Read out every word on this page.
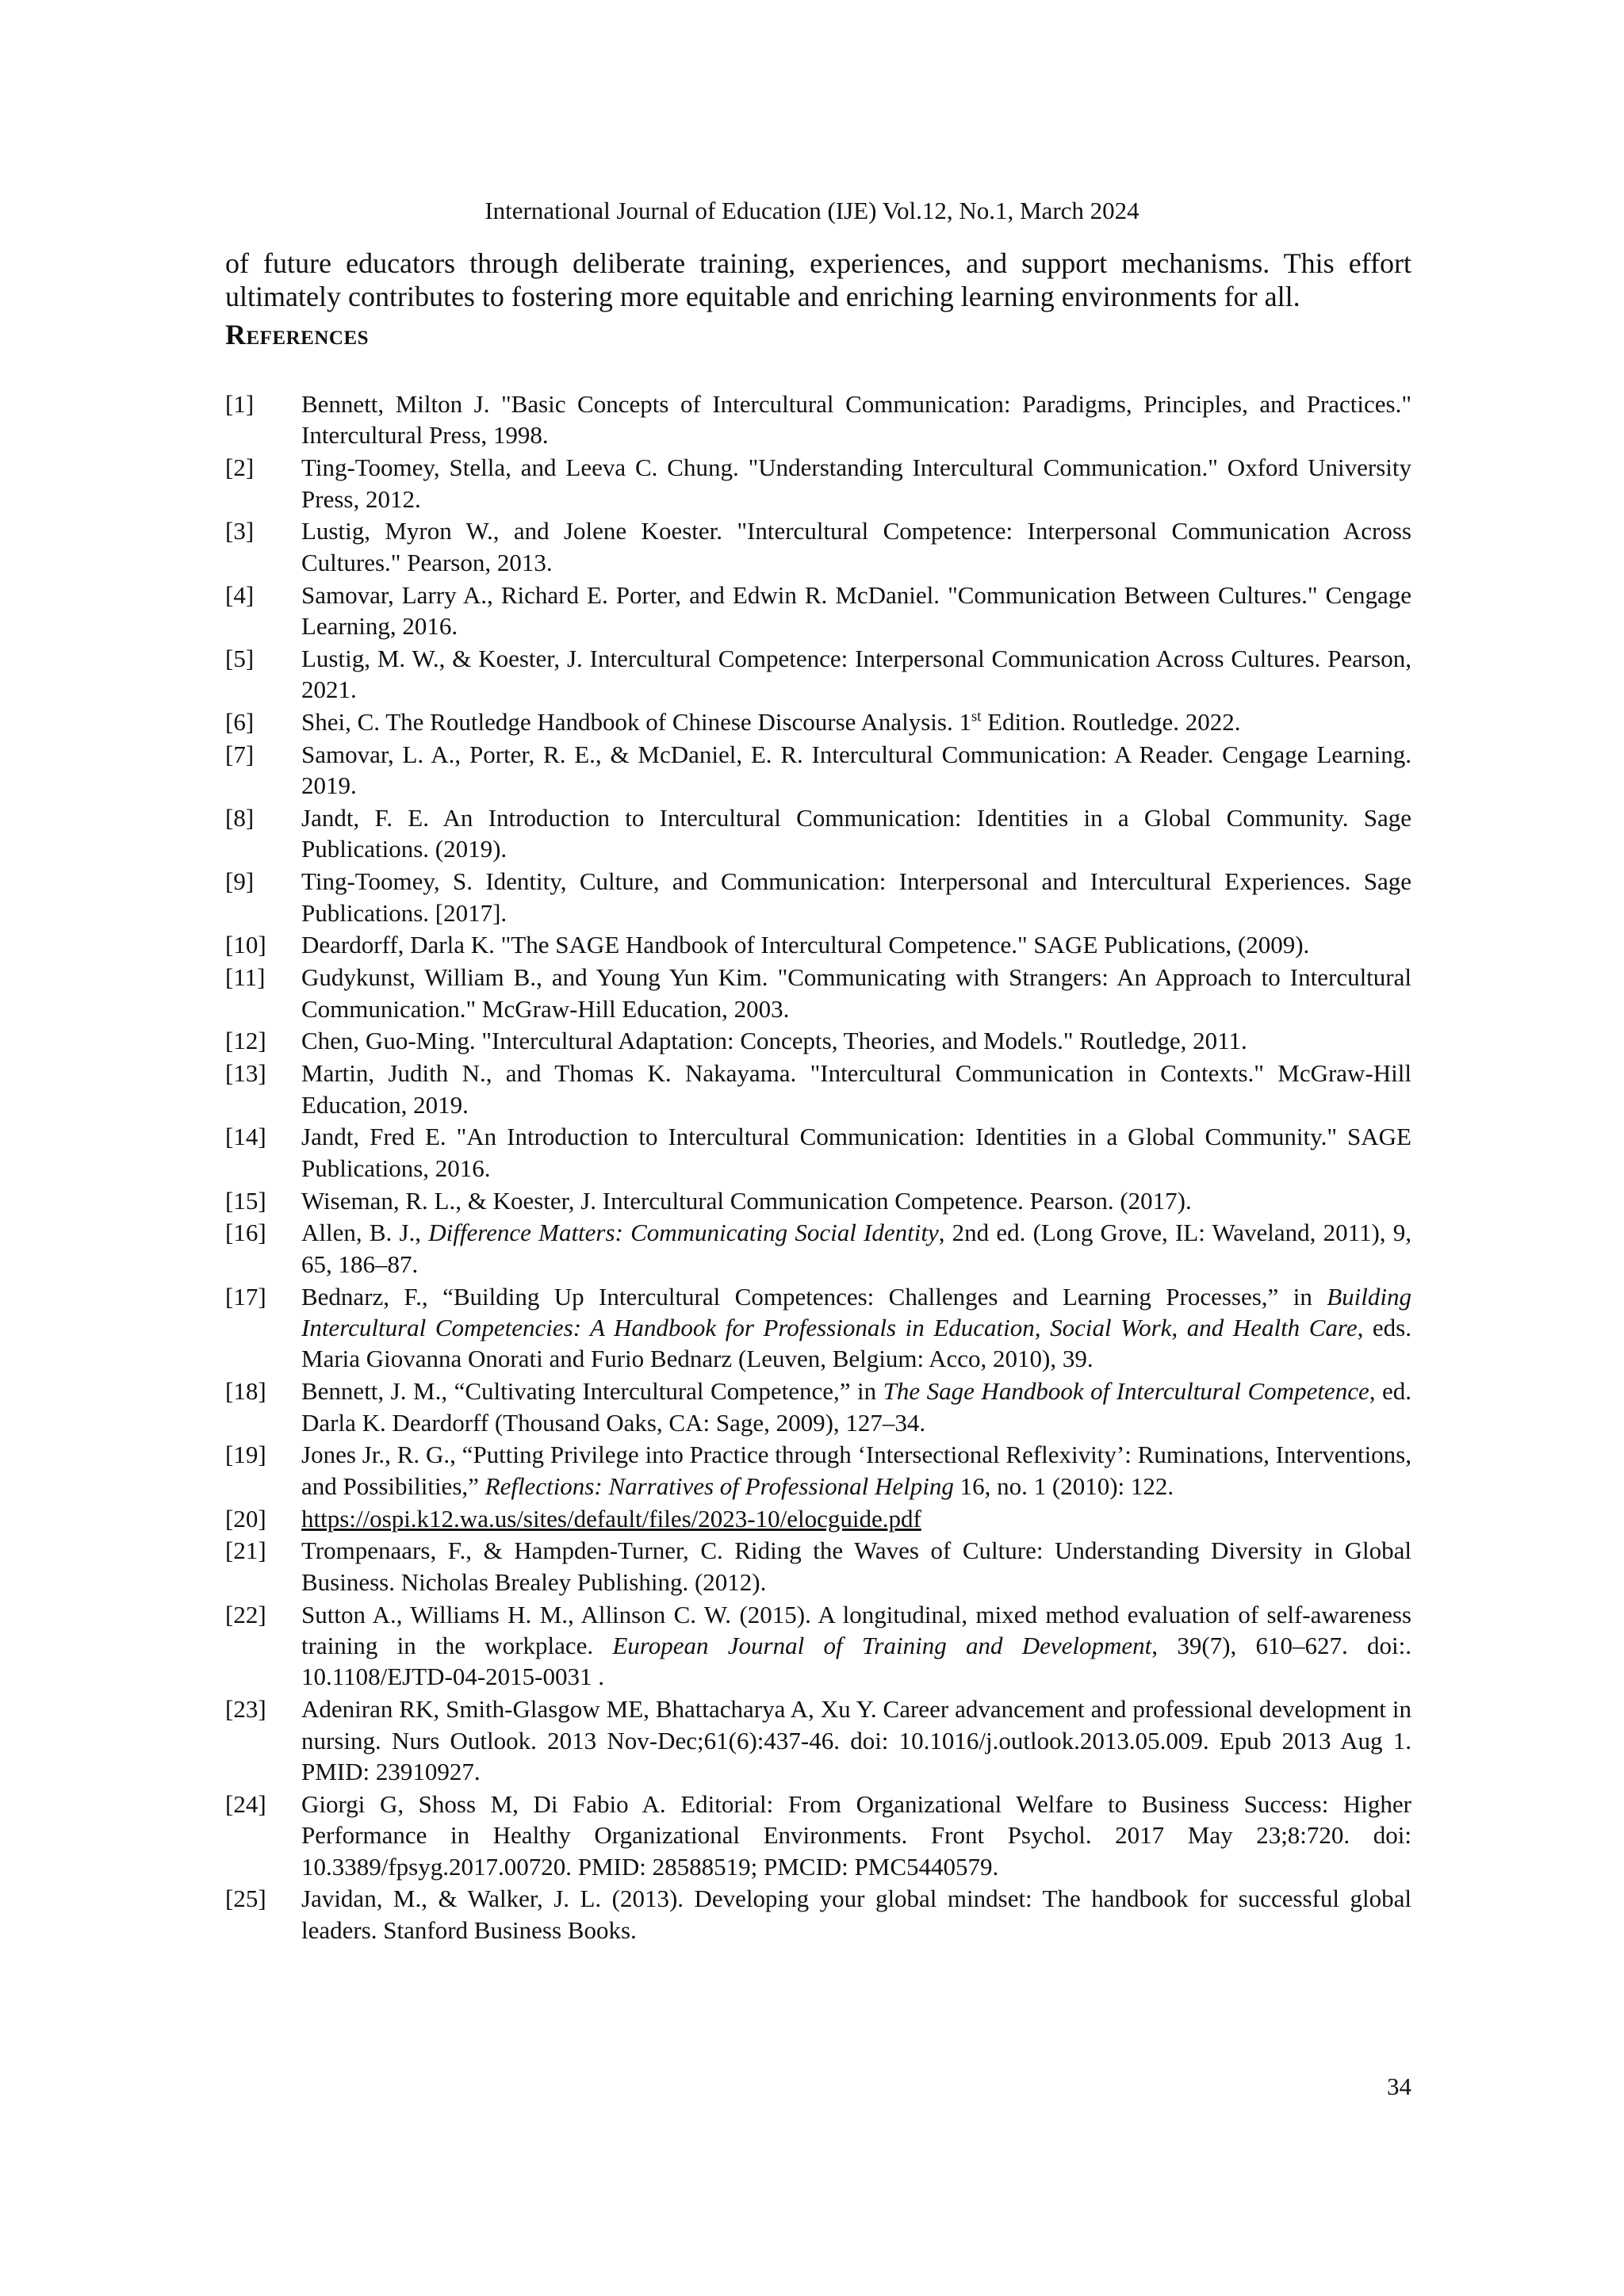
International Journal of Education (IJE) Vol.12, No.1, March 2024

of future educators through deliberate training, experiences, and support mechanisms. This effort ultimately contributes to fostering more equitable and enriching learning environments for all.

References
[1] Bennett, Milton J. "Basic Concepts of Intercultural Communication: Paradigms, Principles, and Practices." Intercultural Press, 1998.
[2] Ting-Toomey, Stella, and Leeva C. Chung. "Understanding Intercultural Communication." Oxford University Press, 2012.
[3] Lustig, Myron W., and Jolene Koester. "Intercultural Competence: Interpersonal Communication Across Cultures." Pearson, 2013.
[4] Samovar, Larry A., Richard E. Porter, and Edwin R. McDaniel. "Communication Between Cultures." Cengage Learning, 2016.
[5] Lustig, M. W., & Koester, J. Intercultural Competence: Interpersonal Communication Across Cultures. Pearson, 2021.
[6] Shei, C. The Routledge Handbook of Chinese Discourse Analysis. 1st Edition. Routledge. 2022.
[7] Samovar, L. A., Porter, R. E., & McDaniel, E. R. Intercultural Communication: A Reader. Cengage Learning. 2019.
[8] Jandt, F. E. An Introduction to Intercultural Communication: Identities in a Global Community. Sage Publications. (2019).
[9] Ting-Toomey, S. Identity, Culture, and Communication: Interpersonal and Intercultural Experiences. Sage Publications. [2017].
[10] Deardorff, Darla K. "The SAGE Handbook of Intercultural Competence." SAGE Publications, (2009).
[11] Gudykunst, William B., and Young Yun Kim. "Communicating with Strangers: An Approach to Intercultural Communication." McGraw-Hill Education, 2003.
[12] Chen, Guo-Ming. "Intercultural Adaptation: Concepts, Theories, and Models." Routledge, 2011.
[13] Martin, Judith N., and Thomas K. Nakayama. "Intercultural Communication in Contexts." McGraw-Hill Education, 2019.
[14] Jandt, Fred E. "An Introduction to Intercultural Communication: Identities in a Global Community." SAGE Publications, 2016.
[15] Wiseman, R. L., & Koester, J. Intercultural Communication Competence. Pearson. (2017).
[16] Allen, B. J., Difference Matters: Communicating Social Identity, 2nd ed. (Long Grove, IL: Waveland, 2011), 9, 65, 186–87.
[17] Bednarz, F., “Building Up Intercultural Competences: Challenges and Learning Processes,” in Building Intercultural Competencies: A Handbook for Professionals in Education, Social Work, and Health Care, eds. Maria Giovanna Onorati and Furio Bednarz (Leuven, Belgium: Acco, 2010), 39.
[18] Bennett, J. M., “Cultivating Intercultural Competence,” in The Sage Handbook of Intercultural Competence, ed. Darla K. Deardorff (Thousand Oaks, CA: Sage, 2009), 127–34.
[19] Jones Jr., R. G., “Putting Privilege into Practice through ‘Intersectional Reflexivity’: Ruminations, Interventions, and Possibilities,” Reflections: Narratives of Professional Helping 16, no. 1 (2010): 122.
[20] https://ospi.k12.wa.us/sites/default/files/2023-10/elocguide.pdf
[21] Trompenaars, F., & Hampden-Turner, C. Riding the Waves of Culture: Understanding Diversity in Global Business. Nicholas Brealey Publishing. (2012).
[22] Sutton A., Williams H. M., Allinson C. W. (2015). A longitudinal, mixed method evaluation of self-awareness training in the workplace. European Journal of Training and Development, 39(7), 610–627. doi:. 10.1108/EJTD-04-2015-0031 .
[23] Adeniran RK, Smith-Glasgow ME, Bhattacharya A, Xu Y. Career advancement and professional development in nursing. Nurs Outlook. 2013 Nov-Dec;61(6):437-46. doi: 10.1016/j.outlook.2013.05.009. Epub 2013 Aug 1. PMID: 23910927.
[24] Giorgi G, Shoss M, Di Fabio A. Editorial: From Organizational Welfare to Business Success: Higher Performance in Healthy Organizational Environments. Front Psychol. 2017 May 23;8:720. doi: 10.3389/fpsyg.2017.00720. PMID: 28588519; PMCID: PMC5440579.
[25] Javidan, M., & Walker, J. L. (2013). Developing your global mindset: The handbook for successful global leaders. Stanford Business Books.
34
